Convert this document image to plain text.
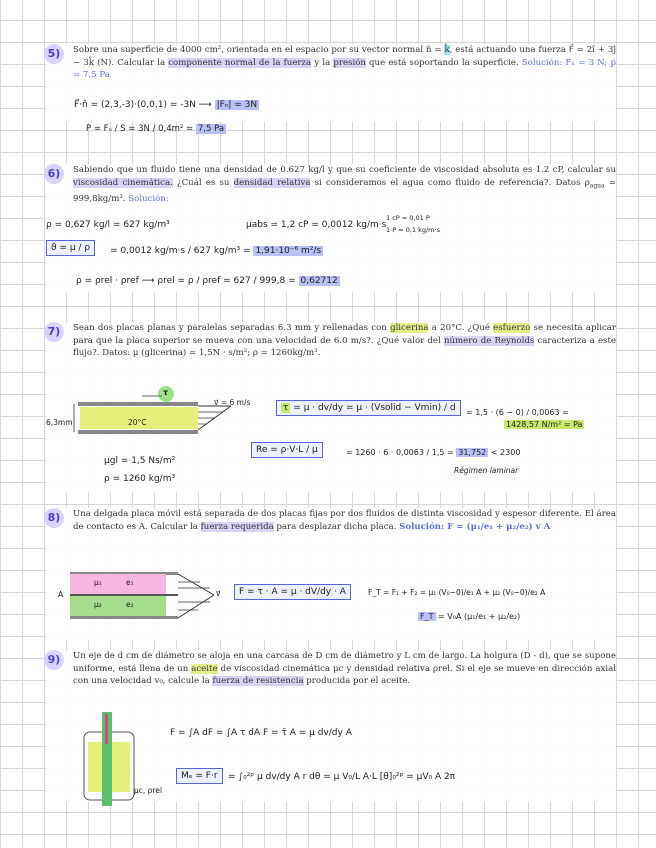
5)	Sobre una superficie de 4000 cm², orientada en el espacio por su vector normal n̂ = k̂, está actuando una fuerza F⃗ = 2î + 3ĵ − 3k̂ (N). Calcular la componente normal de la fuerza y la presión que está soportando la superficie. Solución: Fₙ = 3 N; p = 7,5 Pa
F⃗·n̂ = (2,3,-3)·(0,0,1) = -3N ⟶ |Fₙ| = 3N
P = Fₙ / S = 3N / 0,4m² = 7,5 Pa
6)	Sabiendo que un fluido tiene una densidad de 0.627 kg/l y que su coeficiente de viscosidad absoluta es 1.2 cP, calcular su viscosidad cinemática. ¿Cuál es su densidad relativa si consideramos el agua como fluido de referencia?. Datos $\rho_{agua} = 999,8kg/m^3$. Solución:
ρ = 0,627 kg/l = 627 kg/m³	μabs = 1,2 cP = 0,0012 kg/m·s
1 cP = 0,01 P
1 P = 0,1 kg/m·s
ϑ = μ / ρ	= 0,0012 kg/m·s / 627 kg/m³ = 1,91·10⁻⁶ m²/s
ρ = ρrel · ρref ⟶ ρrel = ρ / ρref = 627 / 999,8 = 0,62712
7)	Sean dos placas planas y paralelas separadas 6.3 mm y rellenadas con glicerina a 20°C. ¿Qué esfuerzo se necesita aplicar para que la placa superior se mueva con una velocidad de 6.0 m/s?. ¿Qué valor del número de Reynolds caracteriza a este flujo?. Datos: μ (glicerina) = 1,5N · s/m²; ρ = 1260kg/m³.
6,3mm	20°C
v⃗ = 6 m/s
τ
τ = μ · dv/dy = μ · (Vsolid − Vmin) / d	= 1,5 · (6 − 0) / 0,0063 =
1428,57 N/m² = Pa
μgl = 1,5 Ns/m²
ρ = 1260 kg/m³
Re = ρ·V·L / μ	= 1260 · 6 · 0,0063 / 1,5 = 31,752 < 2300
Régimen laminar
8)	Una delgada placa móvil está separada de dos placas fijas por dos fluidos de distinta viscosidad y espesor diferente. El área de contacto es A. Calcular la fuerza requerida para desplazar dicha placa. Solución: F = (μ₁/e₁ + μ₂/e₂) v A
μ₁	e₁
μ₂	e₂
A	v⃗	F = τ · A = μ · dV/dy · A	F_T = F₁ + F₂ = μ₁ (V₀−0)/e₁ A + μ₂ (V₀−0)/e₂ A
F_T = V₀A (μ₁/e₁ + μ₂/e₂)
9)	Un eje de d cm de diámetro se aloja en una carcasa de D cm de diámetro y L cm de largo. La holgura (D - d), que se supone uniforme, está llena de un aceite de viscosidad cinemática μc y densidad relativa ρrel. Si el eje se mueve en dirección axial con una velocidad v₀, calcule la fuerza de resistencia producida por el aceite.
μc, ρrel
F = ∫A dF = ∫A τ dA F = τ̄ A = μ dv/dy A
Mₑ = F·r	= ∫₀²ᵖ μ dv/dy A r dθ = μ V₀/L A·L [θ]₀²ᵖ = μV₀ A 2π
